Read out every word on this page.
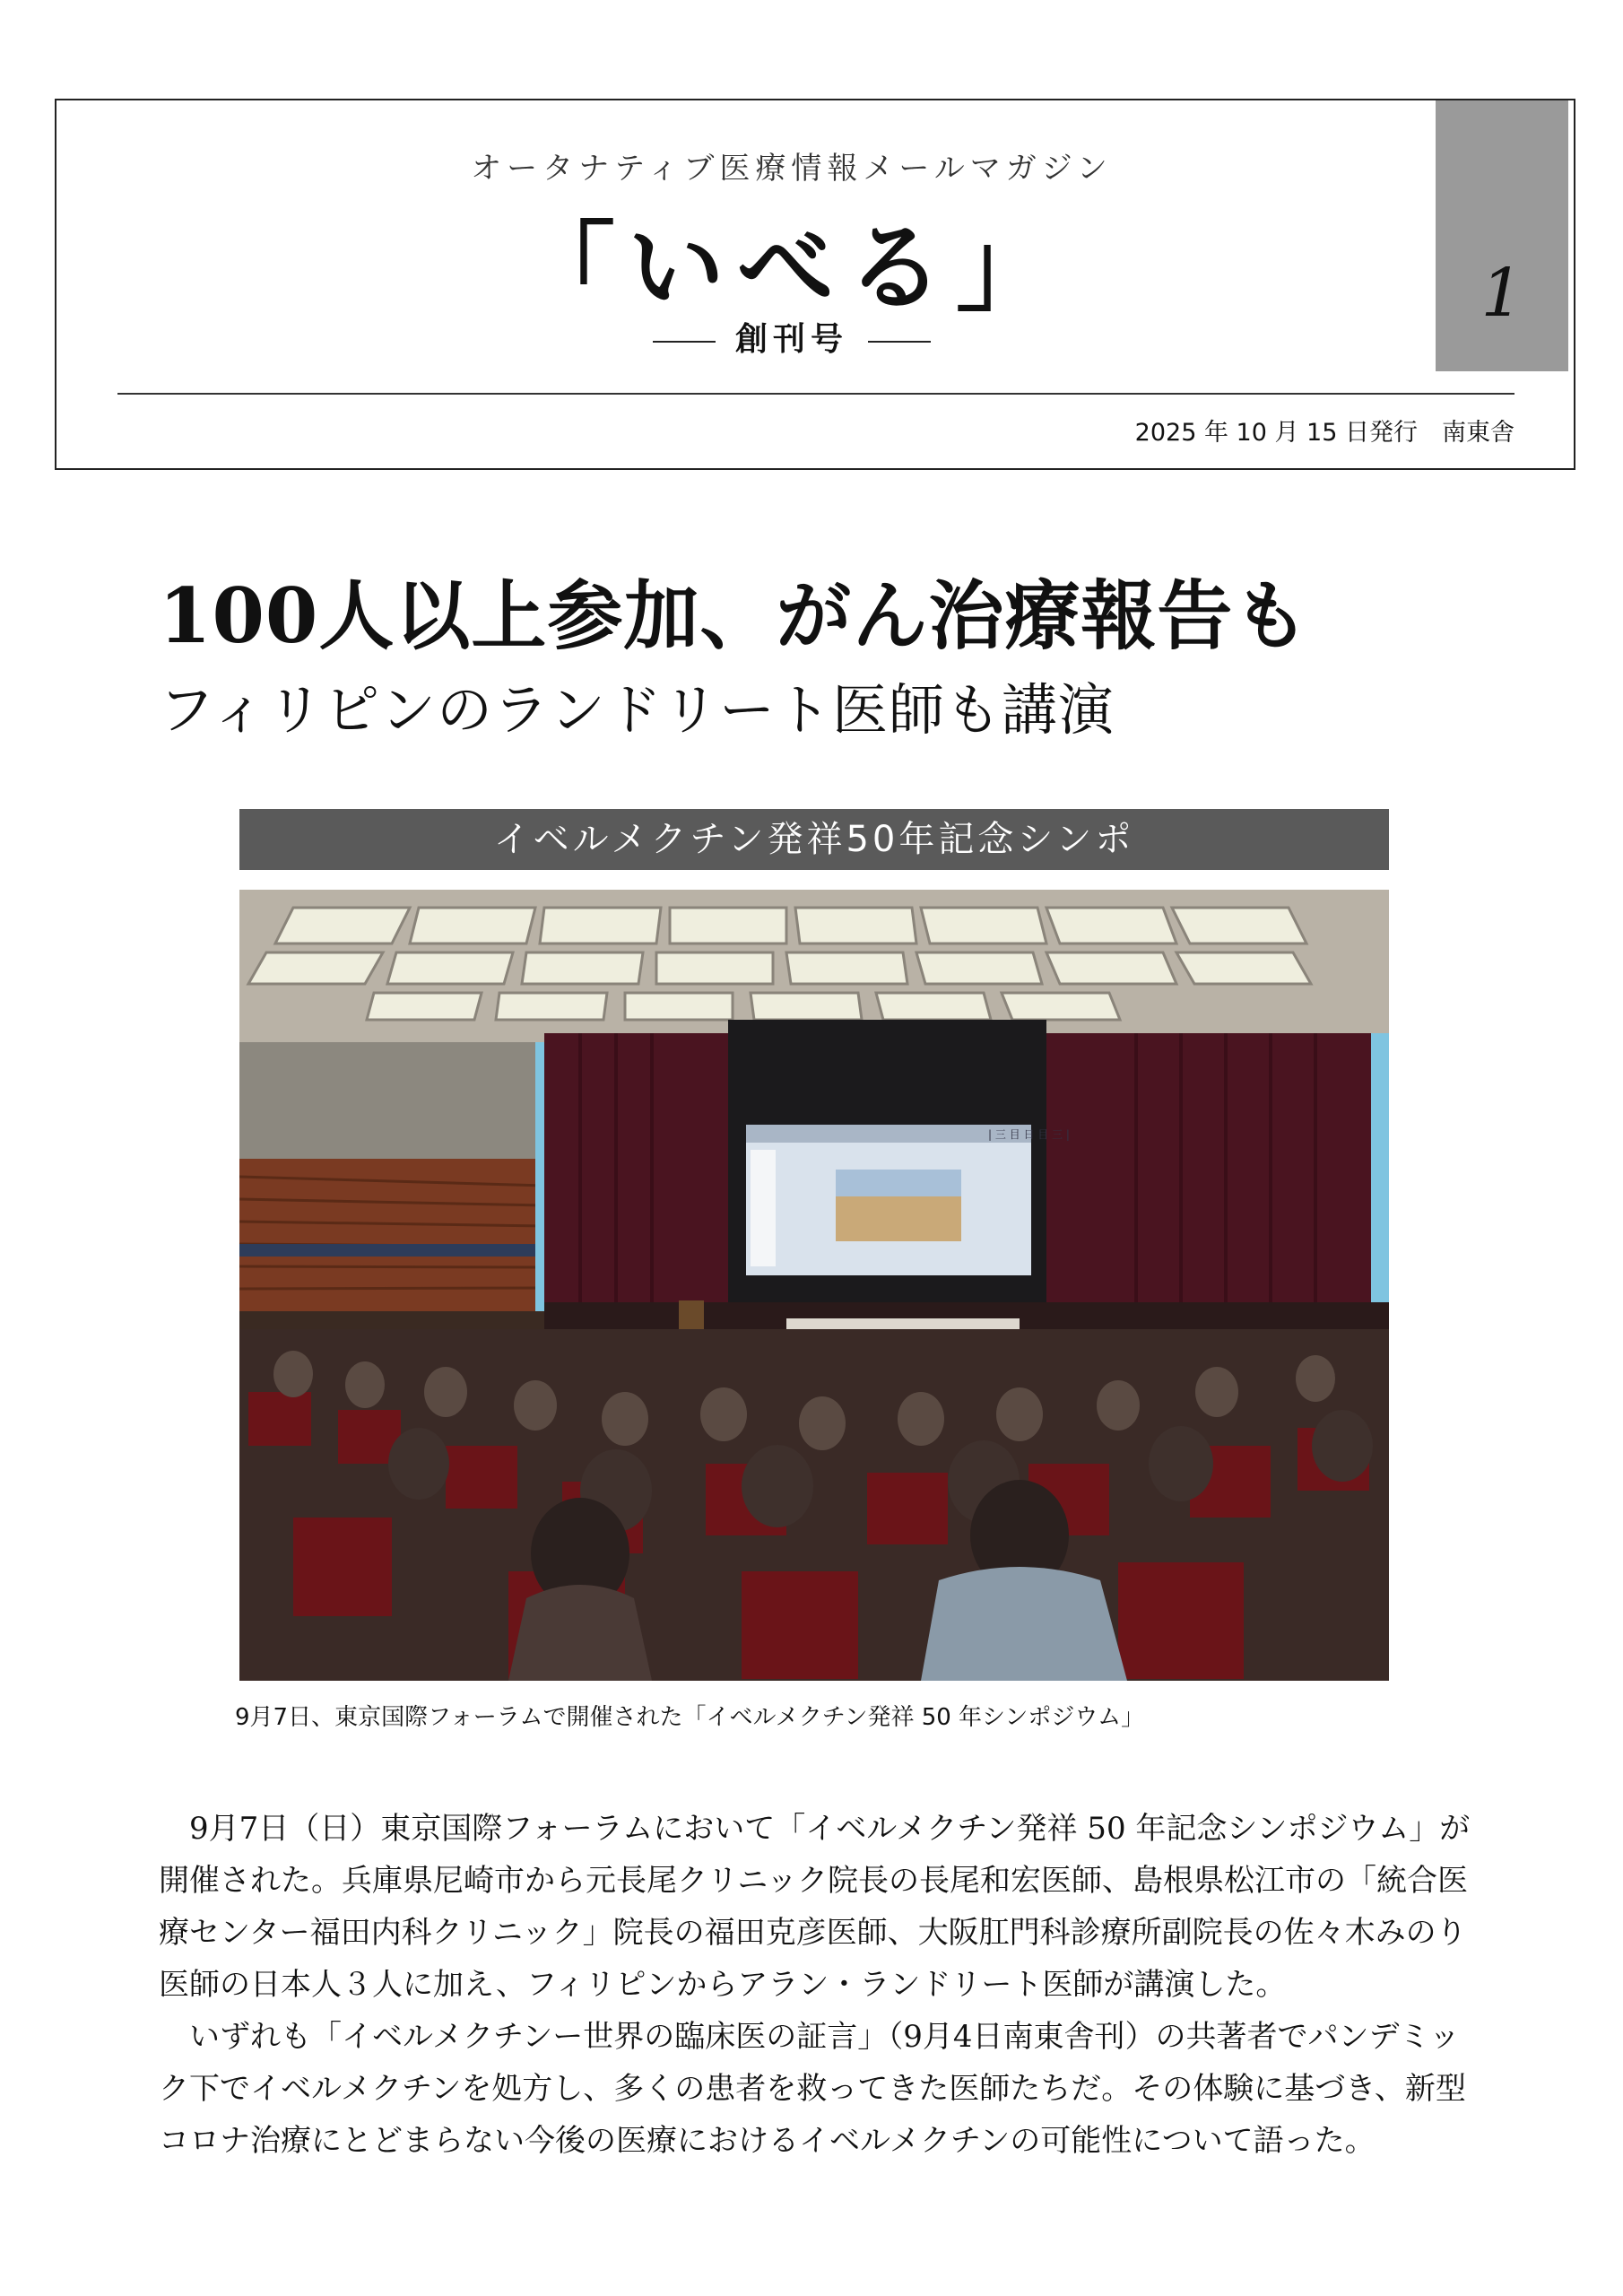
オータナティブ医療情報メールマガジン
「いべる」
創刊号
2025 年 10 月 15 日発行　南東舎
1
100人以上参加、がん治療報告も
フィリピンのランドリート医師も講演
イベルメクチン発祥50年記念シンポ
| 三 目 日 目 三 |
9月7日、東京国際フォーラムで開催された「イベルメクチン発祥 50 年シンポジウム」

9月7日（日）東京国際フォーラムにおいて「イベルメクチン発祥 50 年記念シンポジウム」が開催された。兵庫県尼崎市から元長尾クリニック院長の長尾和宏医師、島根県松江市の「統合医療センター福田内科クリニック」院長の福田克彦医師、大阪肛門科診療所副院長の佐々木みのり医師の日本人３人に加え、フィリピンからアラン・ランドリート医師が講演した。

いずれも「イベルメクチンー世界の臨床医の証言」（9月4日南東舎刊）の共著者でパンデミック下でイベルメクチンを処方し、多くの患者を救ってきた医師たちだ。その体験に基づき、新型コロナ治療にとどまらない今後の医療におけるイベルメクチンの可能性について語った。
